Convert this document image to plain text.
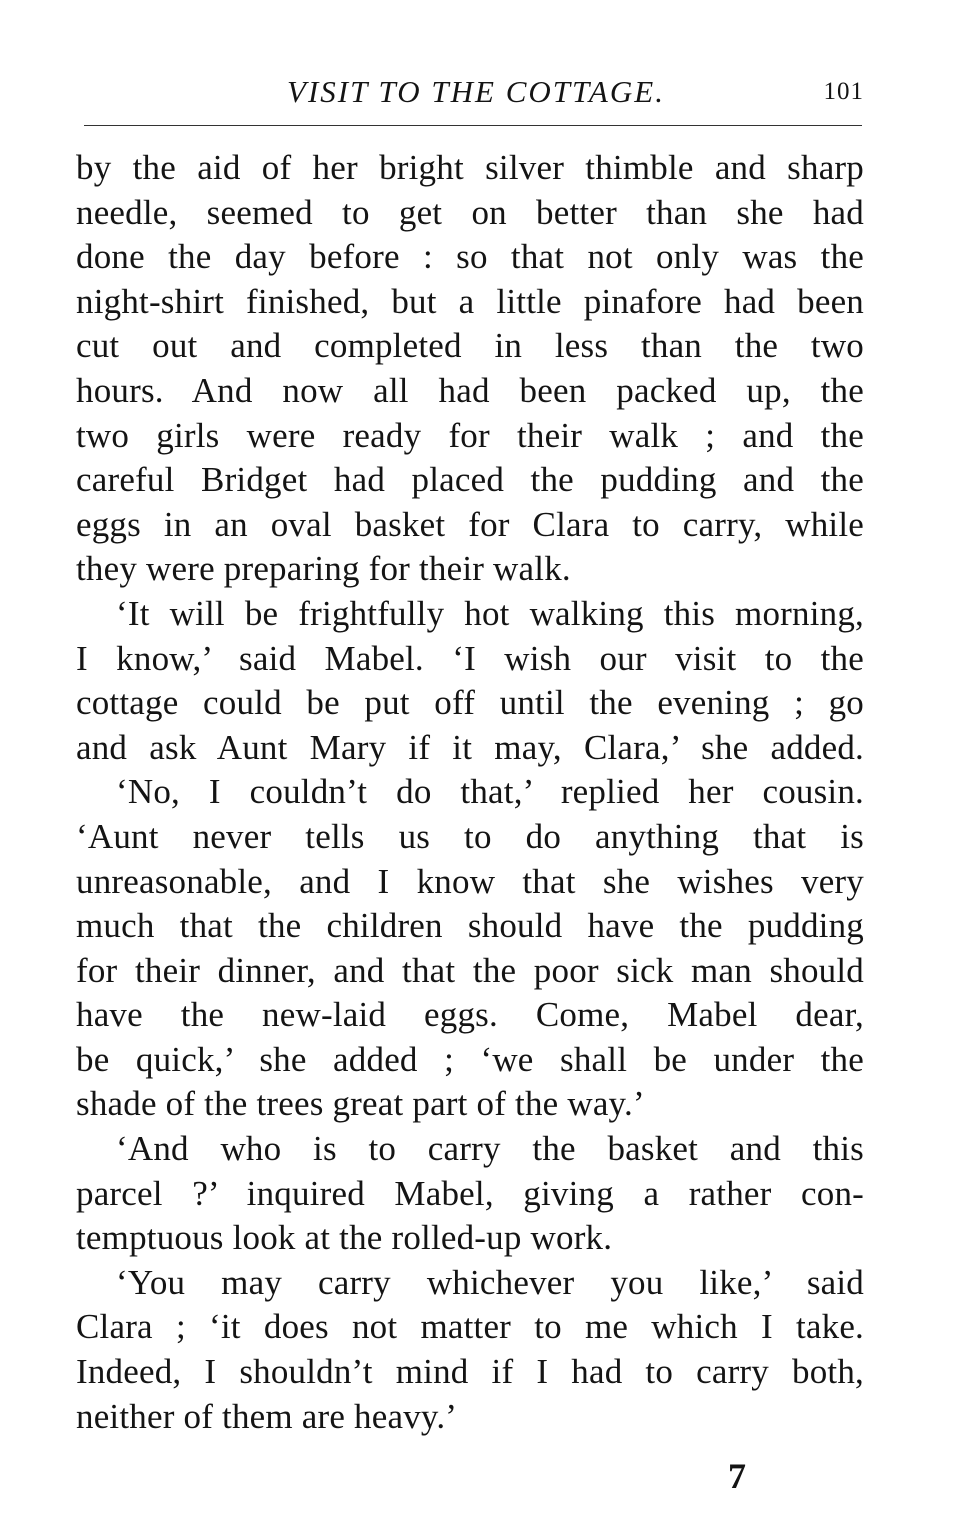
VISIT TO THE COTTAGE.	101

by the aid of her bright silver thimble and sharp
needle, seemed to get on better than she had
done the day before : so that not only was the
night-shirt finished, but a little pinafore had been
cut out and completed in less than the two
hours. And now all had been packed up, the
two girls were ready for their walk ; and the
careful Bridget had placed the pudding and the
eggs in an oval basket for Clara to carry, while
they were preparing for their walk.

‘It will be frightfully hot walking this morning,
I know,’ said Mabel. ‘I wish our visit to the
cottage could be put off until the evening ; go
and ask Aunt Mary if it may, Clara,’ she added.

‘No, I couldn’t do that,’ replied her cousin.
‘Aunt never tells us to do anything that is
unreasonable, and I know that she wishes very
much that the children should have the pudding
for their dinner, and that the poor sick man should
have the new-laid eggs. Come, Mabel dear,
be quick,’ she added ; ‘we shall be under the
shade of the trees great part of the way.’

‘And who is to carry the basket and this
parcel ?’ inquired Mabel, giving a rather con-
temptuous look at the rolled-up work.

‘You may carry whichever you like,’ said
Clara ; ‘it does not matter to me which I take.
Indeed, I shouldn’t mind if I had to carry both,
neither of them are heavy.’

7
